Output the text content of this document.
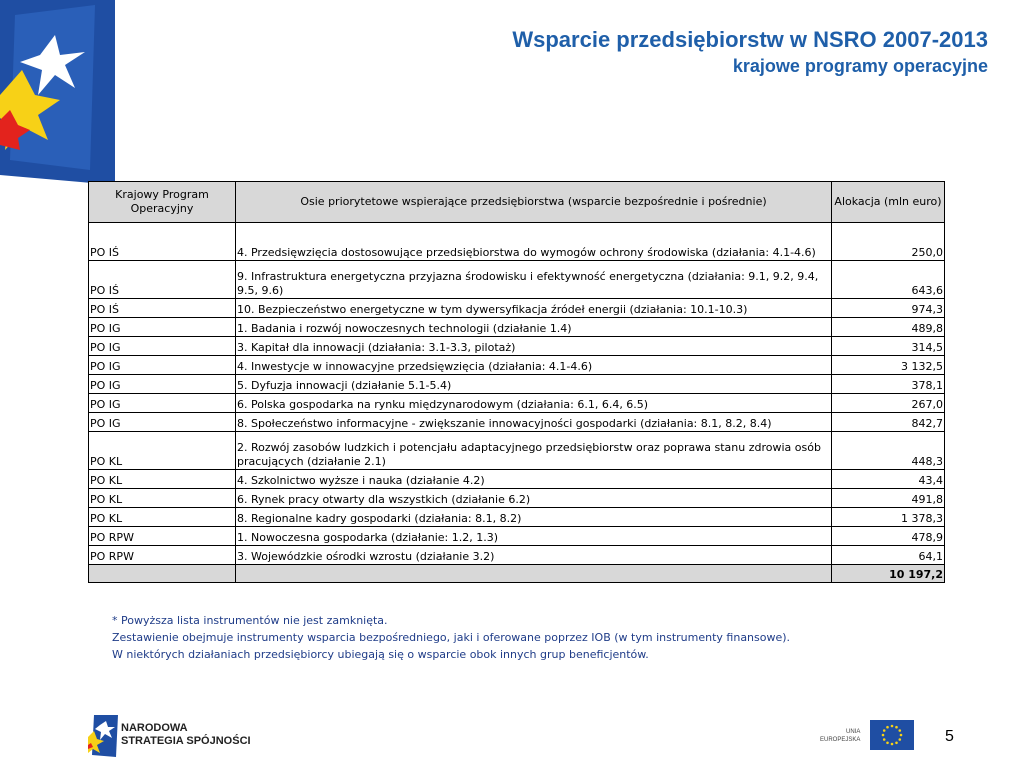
Wsparcie przedsiębiorstw w NSRO 2007-2013
krajowe programy operacyjne
Krajowy Program Operacyjny	Osie priorytetowe wspierające przedsiębiorstwa (wsparcie bezpośrednie i pośrednie)	Alokacja (mln euro)
PO IŚ	4. Przedsięwzięcia dostosowujące przedsiębiorstwa do wymogów ochrony środowiska (działania: 4.1-4.6)	250,0
PO IŚ	9. Infrastruktura energetyczna przyjazna środowisku i efektywność energetyczna (działania: 9.1, 9.2, 9.4, 9.5, 9.6)	643,6
PO IŚ	10. Bezpieczeństwo energetyczne w tym dywersyfikacja źródeł energii (działania: 10.1-10.3)	974,3
PO IG	1. Badania i rozwój nowoczesnych technologii (działanie 1.4)	489,8
PO IG	3. Kapitał dla innowacji (działania: 3.1-3.3, pilotaż)	314,5
PO IG	4. Inwestycje w innowacyjne przedsięwzięcia (działania: 4.1-4.6)	3 132,5
PO IG	5. Dyfuzja innowacji (działanie 5.1-5.4)	378,1
PO IG	6. Polska gospodarka na rynku międzynarodowym (działania: 6.1, 6.4, 6.5)	267,0
PO IG	8. Społeczeństwo informacyjne - zwiększanie innowacyjności gospodarki (działania: 8.1, 8.2, 8.4)	842,7
PO KL	2. Rozwój zasobów ludzkich i potencjału adaptacyjnego przedsiębiorstw oraz poprawa stanu zdrowia osób pracujących (działanie 2.1)	448,3
PO KL	4. Szkolnictwo wyższe i nauka (działanie 4.2)	43,4
PO KL	6. Rynek pracy otwarty dla wszystkich (działanie 6.2)	491,8
PO KL	8. Regionalne kadry gospodarki (działania: 8.1, 8.2)	1 378,3
PO RPW	1. Nowoczesna gospodarka (działanie: 1.2, 1.3)	478,9
PO RPW	3. Wojewódzkie ośrodki wzrostu (działanie 3.2)	64,1
		10 197,2
* Powyższa lista instrumentów nie jest zamknięta.
Zestawienie obejmuje instrumenty wsparcia bezpośredniego, jaki i oferowane poprzez IOB (w tym instrumenty finansowe).
W niektórych działaniach przedsiębiorcy ubiegają się o wsparcie obok innych grup beneficjentów.
NARODOWA
STRATEGIA SPÓJNOŚCI
UNIA
EUROPEJSKA	5
